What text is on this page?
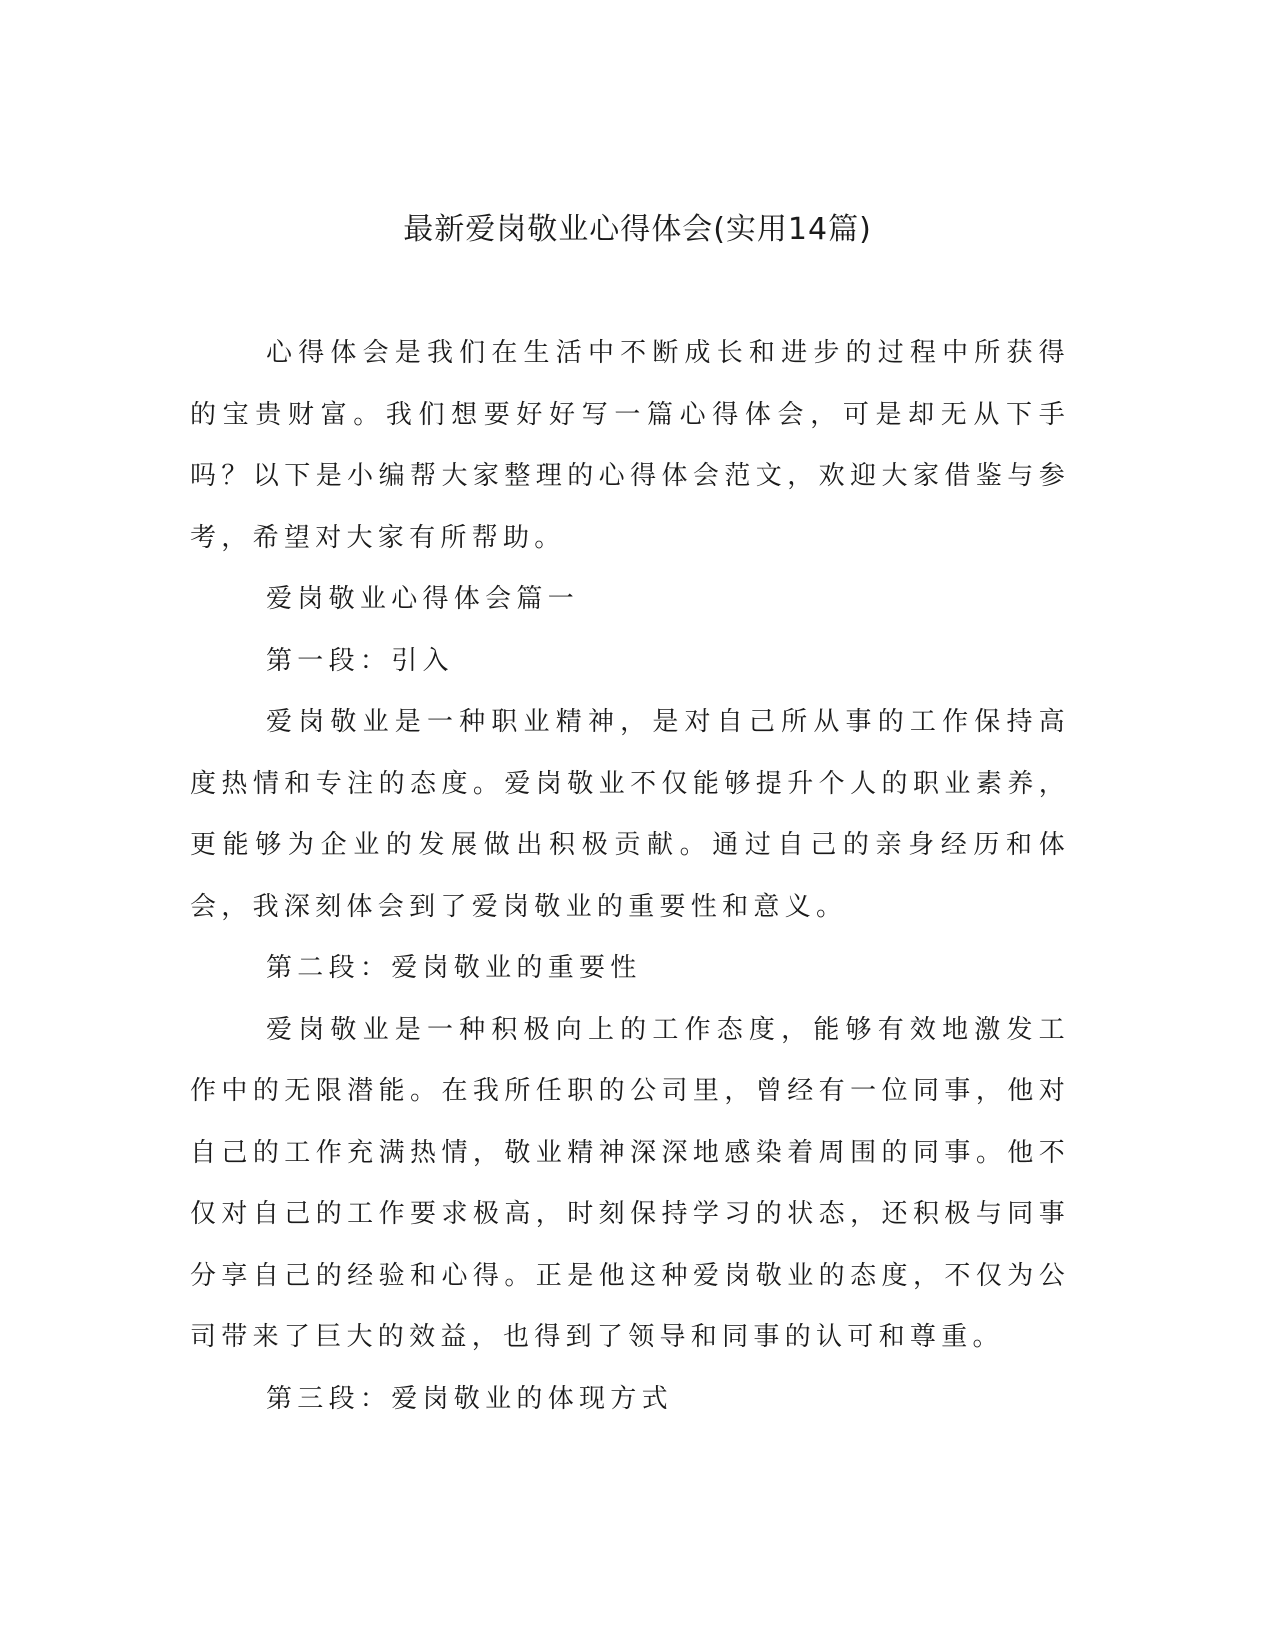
最新爱岗敬业心得体会(实用14篇)

心得体会是我们在生活中不断成长和进步的过程中所获得的宝贵财富。我们想要好好写一篇心得体会，可是却无从下手吗？以下是小编帮大家整理的心得体会范文，欢迎大家借鉴与参考，希望对大家有所帮助。

爱岗敬业心得体会篇一

第一段：引入

爱岗敬业是一种职业精神，是对自己所从事的工作保持高度热情和专注的态度。爱岗敬业不仅能够提升个人的职业素养，更能够为企业的发展做出积极贡献。通过自己的亲身经历和体会，我深刻体会到了爱岗敬业的重要性和意义。

第二段：爱岗敬业的重要性

爱岗敬业是一种积极向上的工作态度，能够有效地激发工作中的无限潜能。在我所任职的公司里，曾经有一位同事，他对自己的工作充满热情，敬业精神深深地感染着周围的同事。他不仅对自己的工作要求极高，时刻保持学习的状态，还积极与同事分享自己的经验和心得。正是他这种爱岗敬业的态度，不仅为公司带来了巨大的效益，也得到了领导和同事的认可和尊重。

第三段：爱岗敬业的体现方式
